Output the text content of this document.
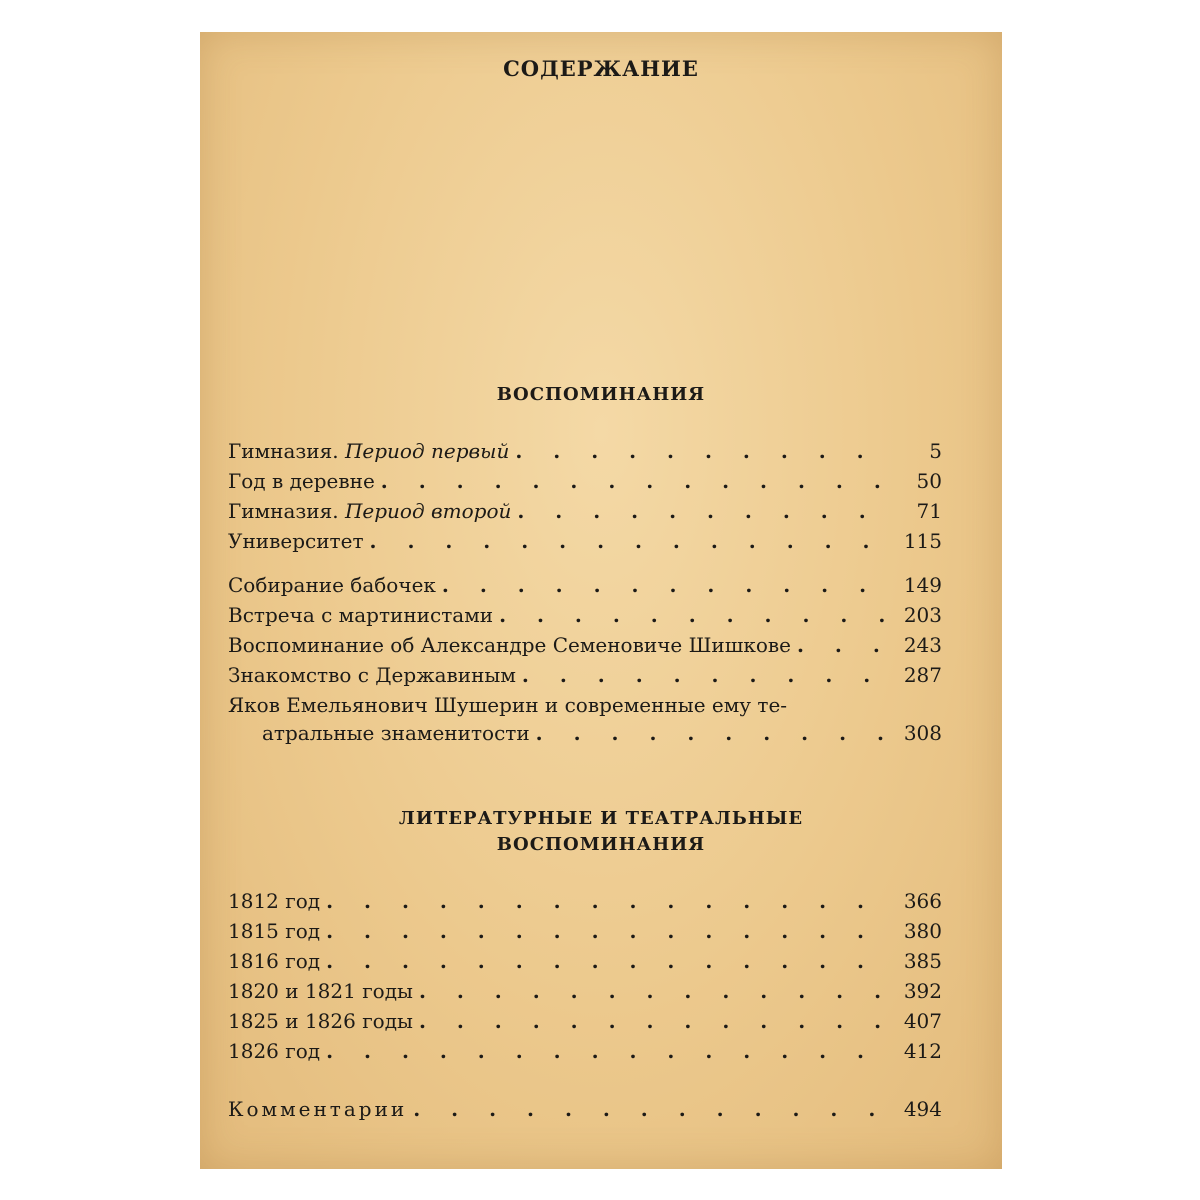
СОДЕРЖАНИЕ
ВОСПОМИНАНИЯ
ЛИТЕРАТУРНЫЕ И ТЕАТРАЛЬНЫЕ
ВОСПОМИНАНИЯ
Гимназия. Период первый . . .	5
Год в деревне . . .	50
Гимназия. Период второй . . .	71
Университет . . .	115
Собирание бабочек . . .	149
Встреча с мартинистами . . .	203
Воспоминание об Александре Семеновиче Шишкове . . .	243
Знакомство с Державиным . . .	287
Яков Емельянович Шушерин и современные ему те-
атральные знаменитости . . .	308
1812 год . . .	366
1815 год . . .	380
1816 год . . .	385
1820 и 1821 годы . . .	392
1825 и 1826 годы . . .	407
1826 год . . .	412
Комментарии . . .	494
